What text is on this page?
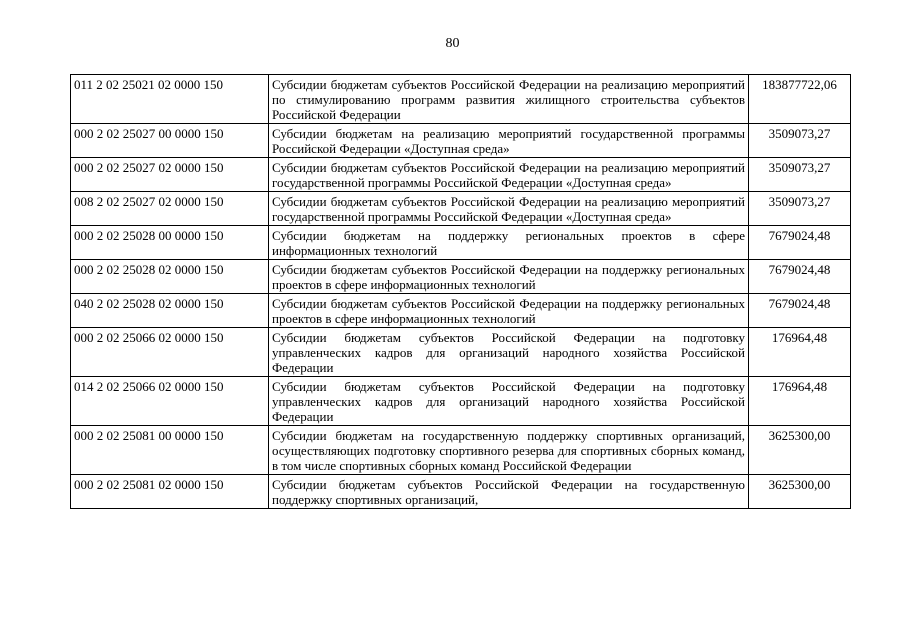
80
011 2 02 25021 02 0000 150	Субсидии бюджетам субъектов Российской Федерации на реализацию мероприятий по стимулированию программ развития жилищного строительства субъектов Российской Федерации	183877722,06
000 2 02 25027 00 0000 150	Субсидии бюджетам на реализацию мероприятий государственной программы Российской Федерации «Доступная среда»	3509073,27
000 2 02 25027 02 0000 150	Субсидии бюджетам субъектов Российской Федерации на реализацию мероприятий государственной программы Российской Федерации «Доступная среда»	3509073,27
008 2 02 25027 02 0000 150	Субсидии бюджетам субъектов Российской Федерации на реализацию мероприятий государственной программы Российской Федерации «Доступная среда»	3509073,27
000 2 02 25028 00 0000 150	Субсидии бюджетам на поддержку региональных проектов в сфере информационных технологий	7679024,48
000 2 02 25028 02 0000 150	Субсидии бюджетам субъектов Российской Федерации на поддержку региональных проектов в сфере информационных технологий	7679024,48
040 2 02 25028 02 0000 150	Субсидии бюджетам субъектов Российской Федерации на поддержку региональных проектов в сфере информационных технологий	7679024,48
000 2 02 25066 02 0000 150	Субсидии бюджетам субъектов Российской Федерации на подготовку управленческих кадров для организаций народного хозяйства Российской Федерации	176964,48
014 2 02 25066 02 0000 150	Субсидии бюджетам субъектов Российской Федерации на подготовку управленческих кадров для организаций народного хозяйства Российской Федерации	176964,48
000 2 02 25081 00 0000 150	Субсидии бюджетам на государственную поддержку спортивных организаций, осуществляющих подготовку спортивного резерва для спортивных сборных команд, в том числе спортивных сборных команд Российской Федерации	3625300,00
000 2 02 25081 02 0000 150	Субсидии бюджетам субъектов Российской Федерации на государственную поддержку спортивных организаций,	3625300,00
